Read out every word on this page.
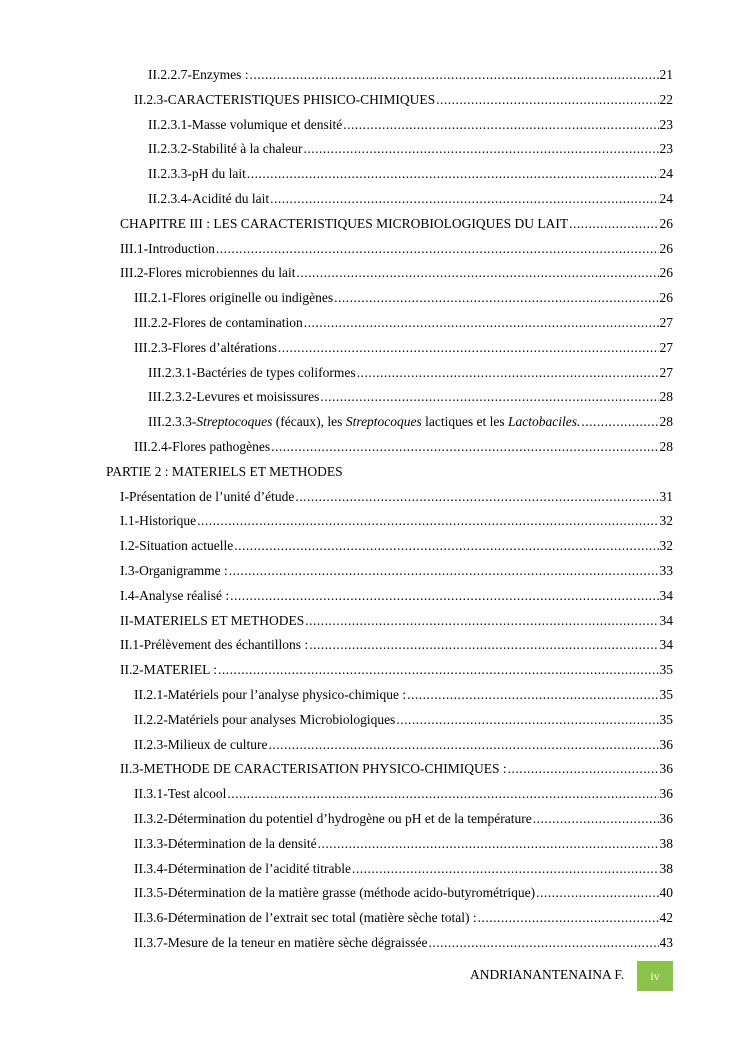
II.2.2.7-Enzymes : .....	21
II.2.3-CARACTERISTIQUES PHISICO-CHIMIQUES .....	22
II.2.3.1-Masse volumique et densité .....	23
II.2.3.2-Stabilité à la chaleur .....	23
II.2.3.3-pH du lait .....	24
II.2.3.4-Acidité du lait .....	24
CHAPITRE III : LES CARACTERISTIQUES MICROBIOLOGIQUES DU LAIT .....	26
III.1-Introduction .....	26
III.2-Flores microbiennes du lait .....	26
III.2.1-Flores originelle ou indigènes .....	26
III.2.2-Flores de contamination .....	27
III.2.3-Flores d’altérations .....	27
III.2.3.1-Bactéries de types coliformes .....	27
III.2.3.2-Levures et moisissures .....	28
III.2.3.3-Streptocoques (fécaux), les Streptocoques lactiques et les Lactobaciles. .....	28
III.2.4-Flores pathogènes .....	28
PARTIE 2 : MATERIELS ET METHODES
I-Présentation de l’unité d’étude .....	31
I.1-Historique .....	32
I.2-Situation actuelle .....	32
I.3-Organigramme : .....	33
I.4-Analyse réalisé : .....	34
II-MATERIELS ET METHODES .....	34
II.1-Prélèvement des échantillons : .....	34
II.2-MATERIEL : .....	35
II.2.1-Matériels pour l’analyse physico-chimique : .....	35
II.2.2-Matériels pour analyses Microbiologiques .....	35
II.2.3-Milieux de culture .....	36
II.3-METHODE DE CARACTERISATION PHYSICO-CHIMIQUES : .....	36
II.3.1-Test alcool .....	36
II.3.2-Détermination du potentiel d’hydrogène ou pH et de la température .....	36
II.3.3-Détermination de la densité .....	38
II.3.4-Détermination de l’acidité titrable .....	38
II.3.5-Détermination de la matière grasse (méthode acido-butyrométrique) .....	40
II.3.6-Détermination de l’extrait sec total (matière sèche total) : .....	42
II.3.7-Mesure de la teneur en matière sèche dégraissée .....	43
ANDRIANANTENAINA F.	iv
